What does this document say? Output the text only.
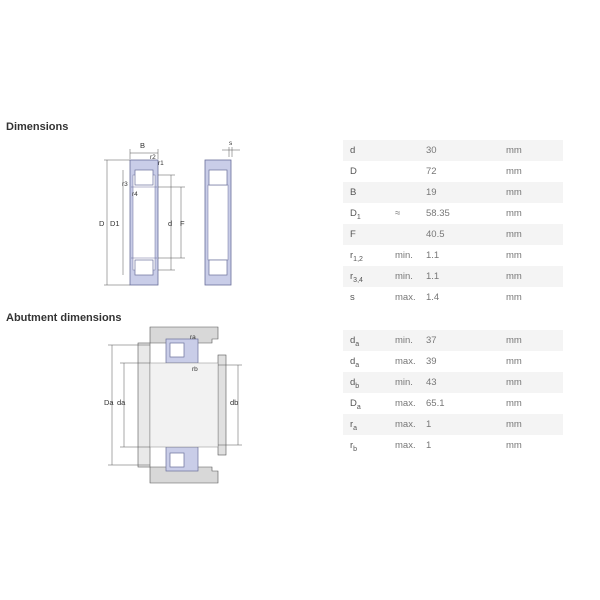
Dimensions
B
r2
r1
r3
r4
D D1	d F
s
d		30	mm
D		72	mm
B		19	mm
$D_1$	≈	58.35	mm
F		40.5	mm
$r_{1,2}$	min.	1.1	mm
$r_{3,4}$	min.	1.1	mm
s	max.	1.4	mm
Abutment dimensions
Da da	db
ra
rb
$d_a$	min.	37	mm
$d_a$	max.	39	mm
$d_b$	min.	43	mm
$D_a$	max.	65.1	mm
$r_a$	max.	1	mm
$r_b$	max.	1	mm
